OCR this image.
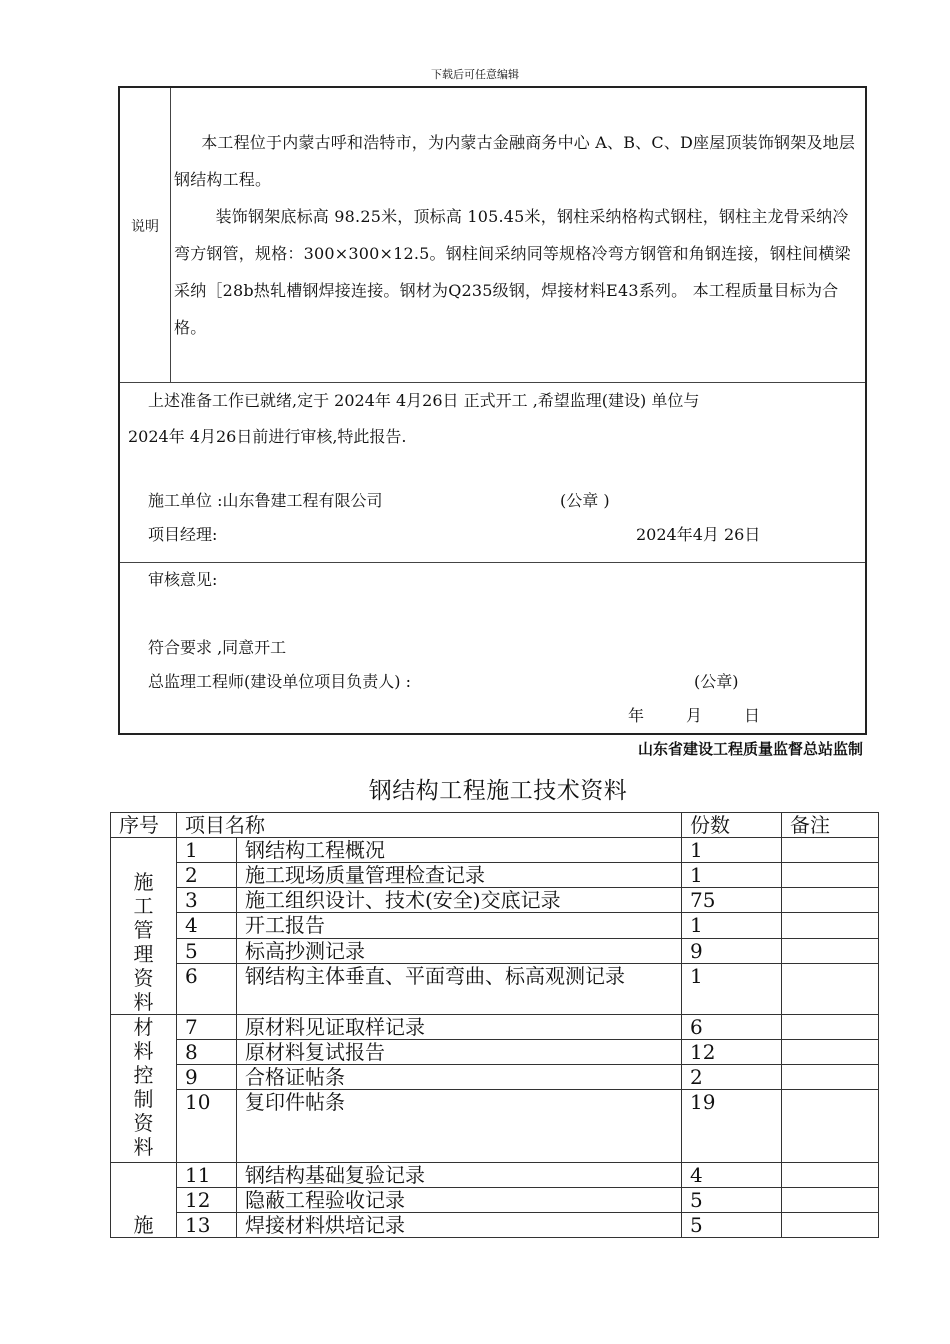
下载后可任意编辑
说明

本工程位于内蒙古呼和浩特市，为内蒙古金融商务中心 A、B、C、D座屋顶装饰钢架及地层钢结构工程。

装饰钢架底标高 98.25米，顶标高 105.45米，钢柱采纳格构式钢柱，钢柱主龙骨采纳冷弯方钢管，规格：300×300×12.5。钢柱间采纳同等规格冷弯方钢管和角钢连接，钢柱间横梁采纳［28b热轧槽钢焊接连接。钢材为Q235级钢，焊接材料E43系列。 本工程质量目标为合格。

上述准备工作已就绪,定于 2024年 4月26日 正式开工 ,希望监理(建设) 单位与
2024年 4月26日前进行审核,特此报告.
施工单位 :山东鲁建工程有限公司	(公章 )
项目经理:	2024年4月 26日
审核意见:
符合要求 ,同意开工
总监理工程师(建设单位项目负责人) :	(公章)
年	月	日
山东省建设工程质量监督总站监制
钢结构工程施工技术资料
序号	项目名称		份数	备注

施工管理资料	1	钢结构工程概况	1	
	2	施工现场质量管理检查记录	1	
	3	施工组织设计、技术(安全)交底记录	75	
	4	开工报告	1	
	5	标高抄测记录	9	
	6	钢结构主体垂直、平面弯曲、标高观测记录	1	

材料控制资料	7	原材料见证取样记录	6	
	8	原材料复试报告	12	
	9	合格证帖条	2	
	10	复印件帖条	19	

施	11	钢结构基础复验记录	4	
	12	隐蔽工程验收记录	5	
	13	焊接材料烘培记录	5	
